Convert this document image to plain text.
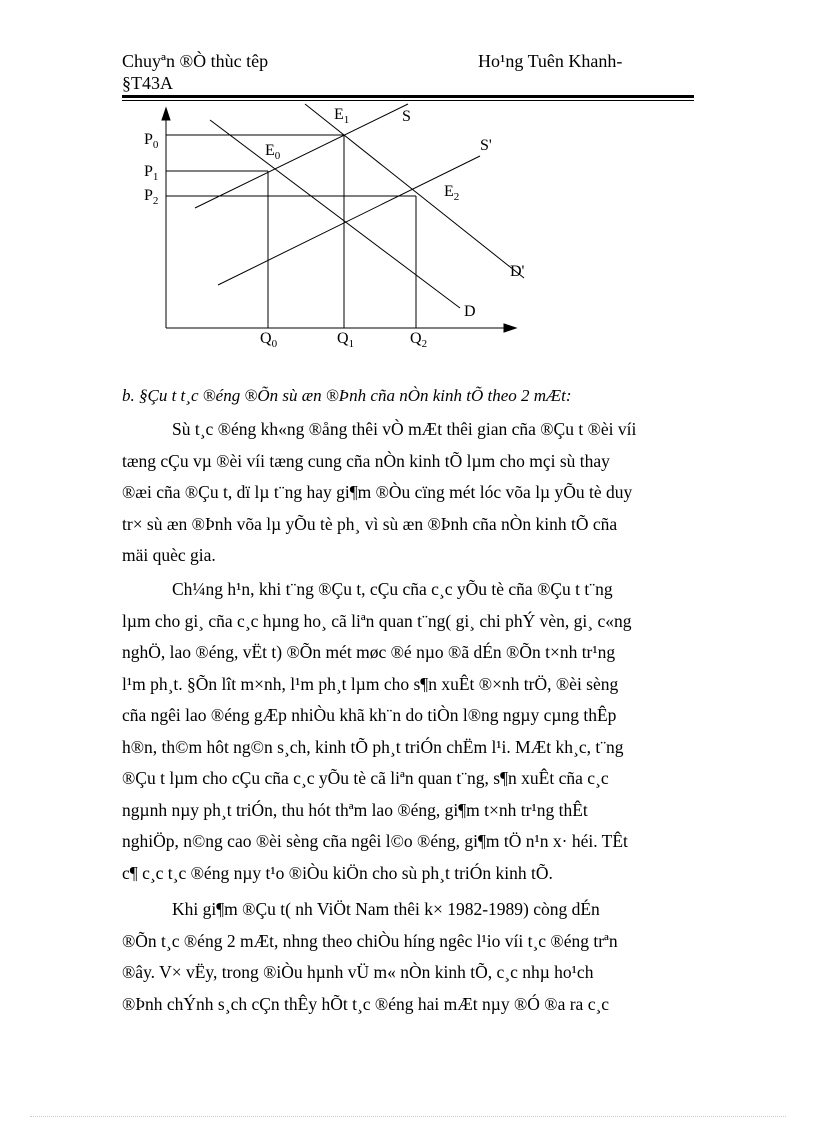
Chuyªn ®Ò thùc têp
§T43A
Ho¹ng Tuên Khanh-
$P_0$
$P_1$
$P_2$
$Q_0$	$Q_1$	$Q_2$
$E_0$
$E_1$
$E_2$
S
S'
D
D'
b. §Çu t t¸c ®éng ®Õn sù æn ®Þnh cña nÒn kinh tÕ theo 2 mÆt:
Sù t¸c ®éng kh«ng ®ång thêi vÒ mÆt thêi gian cña ®Çu t ®èi víi
tæng cÇu vµ ®èi víi tæng cung cña nÒn kinh tÕ lµm cho mçi sù thay
®æi cña ®Çu t, dï lµ t¨ng hay gi¶m ®Òu cïng mét lóc võa lµ yÕu tè duy
tr× sù æn ®Þnh võa lµ yÕu tè ph¸ vì sù æn ®Þnh cña nÒn kinh tÕ cña
mäi quèc gia.
Ch¼ng h¹n, khi t¨ng ®Çu t, cÇu cña c¸c yÕu tè cña ®Çu t t¨ng
lµm cho gi¸ cña c¸c hµng ho¸ cã liªn quan t¨ng( gi¸ chi phÝ vèn, gi¸ c«ng
nghÖ, lao ®éng, vËt t) ®Õn mét møc ®é nµo ®ã dÉn ®Õn t×nh tr¹ng
l¹m ph¸t. §Õn lît m×nh, l¹m ph¸t lµm cho s¶n xuÊt ®×nh trÖ, ®èi sèng
cña ngêi lao ®éng gÆp nhiÒu khã kh¨n do tiÒn l®ng ngµy cµng thÊp
h®n, th©m hôt ng©n s¸ch, kinh tÕ ph¸t triÓn chËm l¹i. MÆt kh¸c, t¨ng
®Çu t lµm cho cÇu cña c¸c yÕu tè cã liªn quan t¨ng, s¶n xuÊt cña c¸c
ngµnh nµy ph¸t triÓn, thu hót thªm lao ®éng, gi¶m t×nh tr¹ng thÊt
nghiÖp, n©ng cao ®èi sèng cña ngêi l©o ®éng, gi¶m tÖ n¹n x· héi. TÊt
c¶ c¸c t¸c ®éng nµy t¹o ®iÒu kiÖn cho sù ph¸t triÓn kinh tÕ.
Khi gi¶m ®Çu t( nh ViÖt Nam thêi k× 1982-1989) còng dÉn
®Õn t¸c ®éng 2 mÆt, nhng theo chiÒu híng ngêc l¹io víi t¸c ®éng trªn
®ây. V× vËy, trong ®iÒu hµnh vÜ m« nÒn kinh tÕ, c¸c nhµ ho¹ch
®Þnh chÝnh s¸ch cÇn thÊy hÕt t¸c ®éng hai mÆt nµy ®Ó ®a ra c¸c
